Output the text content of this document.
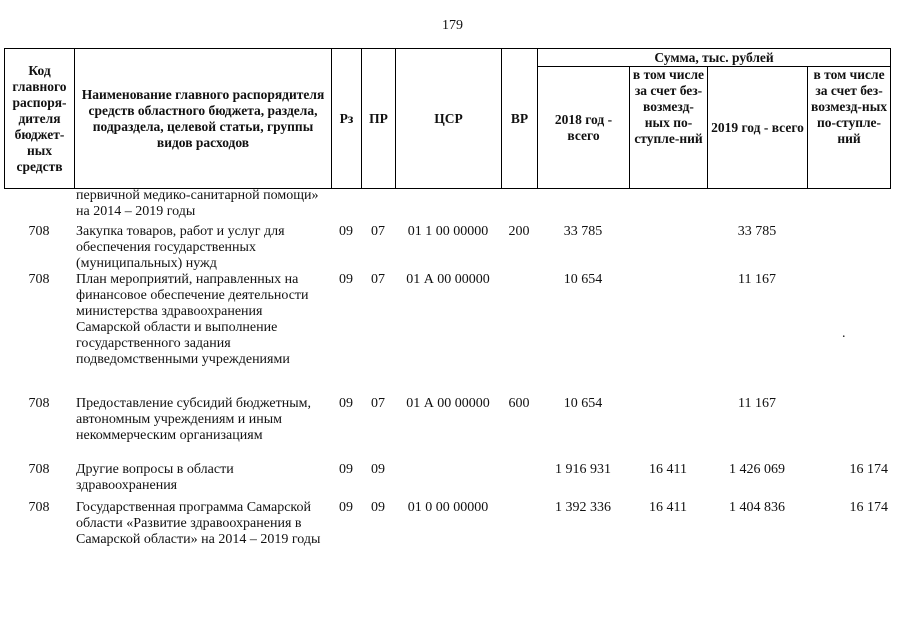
179
Код главного распоря-дителя бюджет-ных средств	Наименование главного распорядителя средств областного бюджета, раздела, подраздела, целевой статьи, группы видов расходов	Рз	ПР	ЦСР	ВР	Сумма, тыс. рублей			
						2018 год - всего	в том числе за счет без-возмезд-ных по-ступле-ний	2019 год - всего	в том числе за счет без-возмезд-ных по-ступле-ний
	первичной медико-санитарной помощи» на 2014 – 2019 годы								
708	Закупка товаров, работ и услуг для обеспечения государственных (муниципальных) нужд	09	07	01 1 00 00000	200	33 785		33 785	
708	План мероприятий, направленных на финансовое обеспечение деятельности министерства здравоохранения Самарской области и выполнение государственного задания подведомственными учреждениями	09	07	01 А 00 00000		10 654		11 167	
708	Предоставление субсидий бюджетным, автономным учреждениям и иным некоммерческим организациям	09	07	01 А 00 00000	600	10 654		11 167	
708	Другие вопросы в области здравоохранения	09	09			1 916 931	16 411	1 426 069	16 174
708	Государственная программа Самарской области «Развитие здравоохранения в Самарской области» на 2014 – 2019 годы	09	09	01 0 00 00000		1 392 336	16 411	1 404 836	16 174
.
